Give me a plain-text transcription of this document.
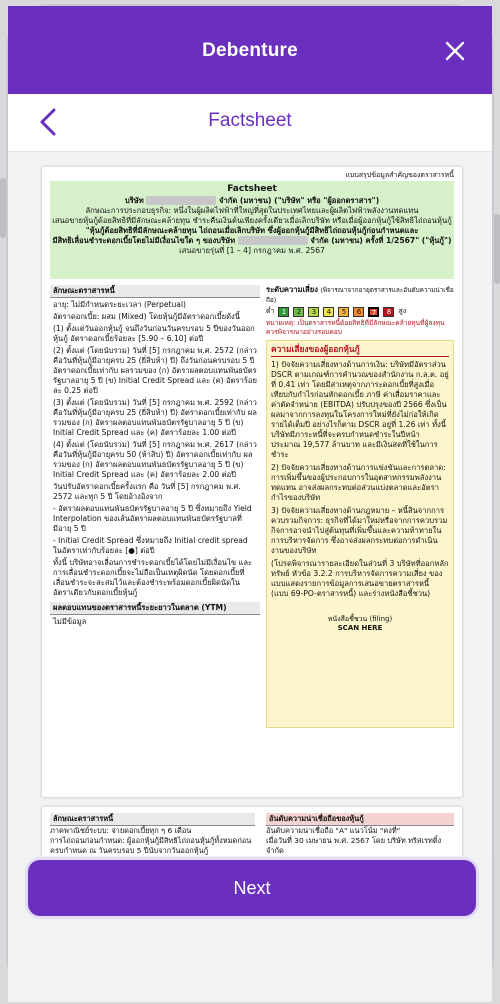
Debenture
Factsheet
แบบสรุปข้อมูลสำคัญของตราสารหนี้
Factsheet
บริษัท	จำกัด (มหาชน) ("บริษัท" หรือ "ผู้ออกตราสาร")
ลักษณะการประกอบธุรกิจ: หนึ่งในผู้ผลิตไฟฟ้าที่ใหญ่ที่สุดในประเทศไทยและผู้ผลิตไฟฟ้าพลังงานทดแทน
เสนอขายหุ้นกู้ด้อยสิทธิที่มีลักษณะคล้ายทุน ชำระคืนเงินต้นเพียงครั้งเดียวเมื่อเลิกบริษัท หรือเมื่อผู้ออกหุ้นกู้ใช้สิทธิไถ่ถอนหุ้นกู้
"หุ้นกู้ด้อยสิทธิที่มีลักษณะคล้ายทุน ไถ่ถอนเมื่อเลิกบริษัท ซึ่งผู้ออกหุ้นกู้มีสิทธิไถ่ถอนหุ้นกู้ก่อนกำหนดและ
มีสิทธิเลื่อนชำระดอกเบี้ยโดยไม่มีเงื่อนไขใด ๆ ของบริษัท	จำกัด (มหาชน) ครั้งที่ 1/2567" ("หุ้นกู้")
เสนอขายรุ่นที่ [1 – 4] กรกฎาคม พ.ศ. 2567
ลักษณะตราสารหนี้

อายุ: ไม่มีกำหนดระยะเวลา (Perpetual)

อัตราดอกเบี้ย: ผสม (Mixed) โดยหุ้นกู้มีอัตราดอกเบี้ยดังนี้

(1) ตั้งแต่วันออกหุ้นกู้ จนถึงวันก่อนวันครบรอบ 5 ปีของวันออกหุ้นกู้ อัตราดอกเบี้ยร้อยละ [5.90 – 6.10] ต่อปี

(2) ตั้งแต่ (โดยนับรวม) วันที่ [5] กรกฎาคม พ.ศ. 2572 (กล่าวคือวันที่หุ้นกู้มีอายุครบ 25 (ยี่สิบห้า) ปี) ถึงวันก่อนครบรอบ 5 ปี อัตราดอกเบี้ยเท่ากับ ผลรวมของ (ก) อัตราผลตอบแทนพันธบัตรรัฐบาลอายุ 5 ปี (ข) Initial Credit Spread และ (ค) อัตราร้อยละ 0.25 ต่อปี

(3) ตั้งแต่ (โดยนับรวม) วันที่ [5] กรกฎาคม พ.ศ. 2592 (กล่าวคือวันที่หุ้นกู้มีอายุครบ 25 (ยี่สิบห้า) ปี) อัตราดอกเบี้ยเท่ากับ ผลรวมของ (ก) อัตราผลตอบแทนพันธบัตรรัฐบาลอายุ 5 ปี (ข) Initial Credit Spread และ (ค) อัตราร้อยละ 1.00 ต่อปี

(4) ตั้งแต่ (โดยนับรวม) วันที่ [5] กรกฎาคม พ.ศ. 2617 (กล่าวคือวันที่หุ้นกู้มีอายุครบ 50 (ห้าสิบ) ปี) อัตราดอกเบี้ยเท่ากับ ผลรวมของ (ก) อัตราผลตอบแทนพันธบัตรรัฐบาลอายุ 5 ปี (ข) Initial Credit Spread และ (ค) อัตราร้อยละ 2.00 ต่อปี

วันปรับอัตราดอกเบี้ยครั้งแรก คือ วันที่ [5] กรกฎาคม พ.ศ. 2572 และทุก 5 ปี โดยอ้างอิงจาก

- อัตราผลตอบแทนพันธบัตรรัฐบาลอายุ 5 ปี ซึ่งหมายถึง Yield Interpolation ของเส้นอัตราผลตอบแทนพันธบัตรรัฐบาลที่มีอายุ 5 ปี

- Initial Credit Spread ซึ่งหมายถึง Initial credit spread ในอัตราเท่ากับร้อยละ [●] ต่อปี

ทั้งนี้ บริษัทอาจเลื่อนการชำระดอกเบี้ยได้โดยไม่มีเงื่อนไข และการเลื่อนชำระดอกเบี้ยจะไม่ถือเป็นเหตุผิดนัด โดยดอกเบี้ยที่เลื่อนชำระจะสะสมไว้และต้องชำระพร้อมดอกเบี้ยผิดนัดในอัตราเดียวกับดอกเบี้ยหุ้นกู้

ผลตอบแทนของตราสารหนี้ระยะยาวในตลาด (YTM)
ไม่มีข้อมูล
ระดับความเสี่ยง (พิจารณาจากอายุตราสารและอันดับความน่าเชื่อถือ)
ต่ำ	1	2	3	4	5	6	7	8	สูง
หมายเหตุ: เป็นตราสารหนี้ด้อยสิทธิที่มีลักษณะคล้ายทุนที่ผู้ลงทุนควรพิจารณาอย่างรอบคอบ
ความเสี่ยงของผู้ออกหุ้นกู้

1) ปัจจัยความเสี่ยงทางด้านการเงิน: บริษัทมีอัตราส่วน DSCR ตามเกณฑ์การคำนวณของสำนักงาน ก.ล.ต. อยู่ที่ 0.41 เท่า โดยมีสาเหตุจากภาระดอกเบี้ยที่สูงเมื่อเทียบกับกำไรก่อนหักดอกเบี้ย ภาษี ค่าเสื่อมราคาและค่าตัดจำหน่าย (EBITDA) ปรับปรุงของปี 2566 ซึ่งเป็นผลมาจากการลงทุนในโครงการใหม่ที่ยังไม่ก่อให้เกิดรายได้เต็มปี อย่างไรก็ตาม DSCR อยู่ที่ 1.26 เท่า ทั้งนี้ บริษัทมีภาระหนี้ที่จะครบกำหนดชำระในปีหน้าประมาณ 19,577 ล้านบาท และมีเงินสดที่ใช้ในการชำระ

2) ปัจจัยความเสี่ยงทางด้านการแข่งขันและการตลาด: การเพิ่มขึ้นของผู้ประกอบการในอุตสาหกรรมพลังงานทดแทน อาจส่งผลกระทบต่อส่วนแบ่งตลาดและอัตรากำไรของบริษัท

3) ปัจจัยความเสี่ยงทางด้านกฎหมาย – หนี้สินจากการควบรวมกิจการ: ธุรกิจที่ได้มาใหม่หรือจากการควบรวมกิจการอาจนำไปสู่ต้นทุนที่เพิ่มขึ้นและความท้าทายในการบริหารจัดการ ซึ่งอาจส่งผลกระทบต่อการดำเนินงานของบริษัท

(โปรดพิจารณารายละเอียดในส่วนที่ 3 บริษัทที่ออกหลักทรัพย์ หัวข้อ 3.2.2 การบริหารจัดการความเสี่ยง ของแบบแสดงรายการข้อมูลการเสนอขายตราสารหนี้ (แบบ 69-PO-ตราสารหนี้) และร่างหนังสือชี้ชวน)

หนังสือชี้ชวน (filing)
SCAN HERE
ลักษณะตราสารหนี้
ภาคพาณิชย์ระบบ: จ่ายดอกเบี้ยทุก ๆ 6 เดือน
การไถ่ถอนก่อนกำหนด: ผู้ออกหุ้นกู้มีสิทธิไถ่ถอนหุ้นกู้ทั้งหมดก่อนครบกำหนด ณ วันครบรอบ 5 ปีนับจากวันออกหุ้นกู้
อันดับความน่าเชื่อถือของหุ้นกู้
อันดับความน่าเชื่อถือ "A" แนวโน้ม "คงที่"
เมื่อวันที่ 30 เมษายน พ.ศ. 2567 โดย บริษัท ทริสเรทติ้ง จำกัด
Next
